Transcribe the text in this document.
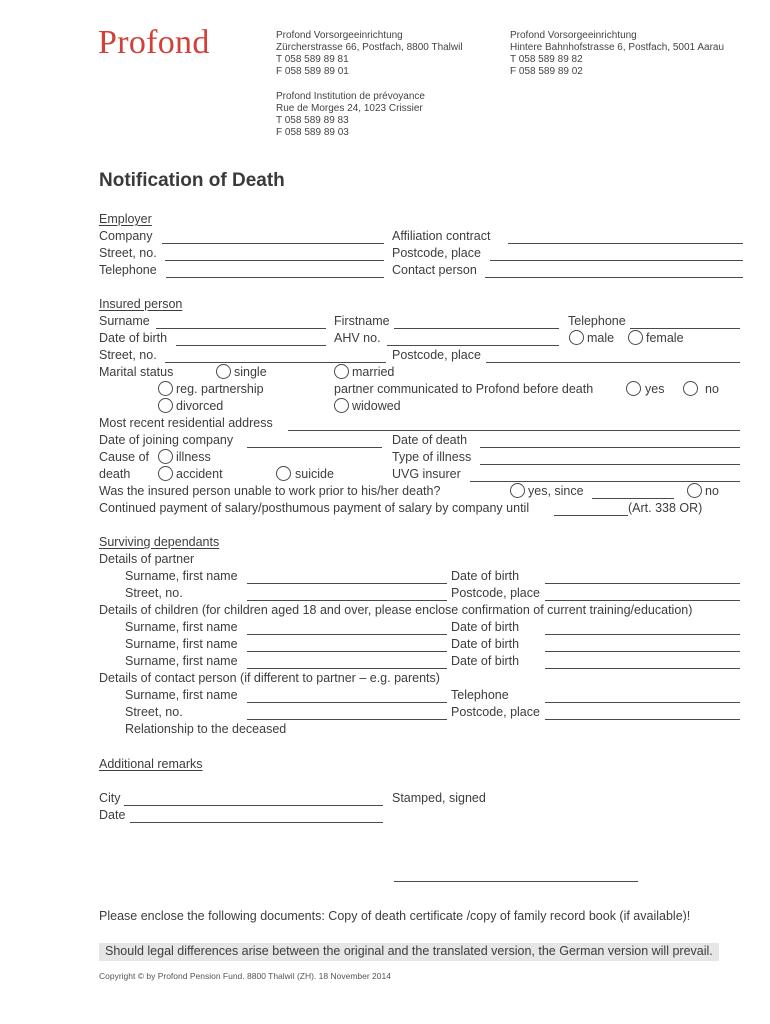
Profond	Profond Vorsorgeeinrichtung
Zürcherstrasse 66, Postfach, 8800 Thalwil
T 058 589 89 81
F 058 589 89 01
Profond Vorsorgeeinrichtung
Hintere Bahnhofstrasse 6, Postfach, 5001 Aarau
T 058 589 89 82
F 058 589 89 02
Profond Institution de prévoyance
Rue de Morges 24, 1023 Crissier
T 058 589 89 83
F 058 589 89 03
Notification of Death
Employer
Company	Affiliation contract
Street, no.	Postcode, place
Telephone	Contact person
Insured person
Surname	Firstname	Telephone
Date of birth	AHV no.	male	female
Street, no.	Postcode, place
Marital status	single	married
reg. partnership	partner communicated to Profond before death	yes	no
divorced	widowed
Most recent residential address
Date of joining company	Date of death
Cause of illness	Type of illness
death	accident	suicide	UVG insurer
Was the insured person unable to work prior to his/her death?	yes, since	no
Continued payment of salary/posthumous payment of salary by company until	(Art. 338 OR)
Surviving dependants
Details of partner
Surname, first name	Date of birth
Street, no.	Postcode, place
Details of children (for children aged 18 and over, please enclose confirmation of current training/education)
Surname, first name	Date of birth
Surname, first name	Date of birth
Surname, first name	Date of birth
Details of contact person (if different to partner – e.g. parents)
Surname, first name	Telephone
Street, no.	Postcode, place
Relationship to the deceased
Additional remarks
City	Stamped, signed
Date
Please enclose the following documents: Copy of death certificate /copy of family record book (if available)!
Should legal differences arise between the original and the translated version, the German version will prevail.
Copyright © by Profond Pension Fund. 8800 Thalwil (ZH). 18 November 2014
